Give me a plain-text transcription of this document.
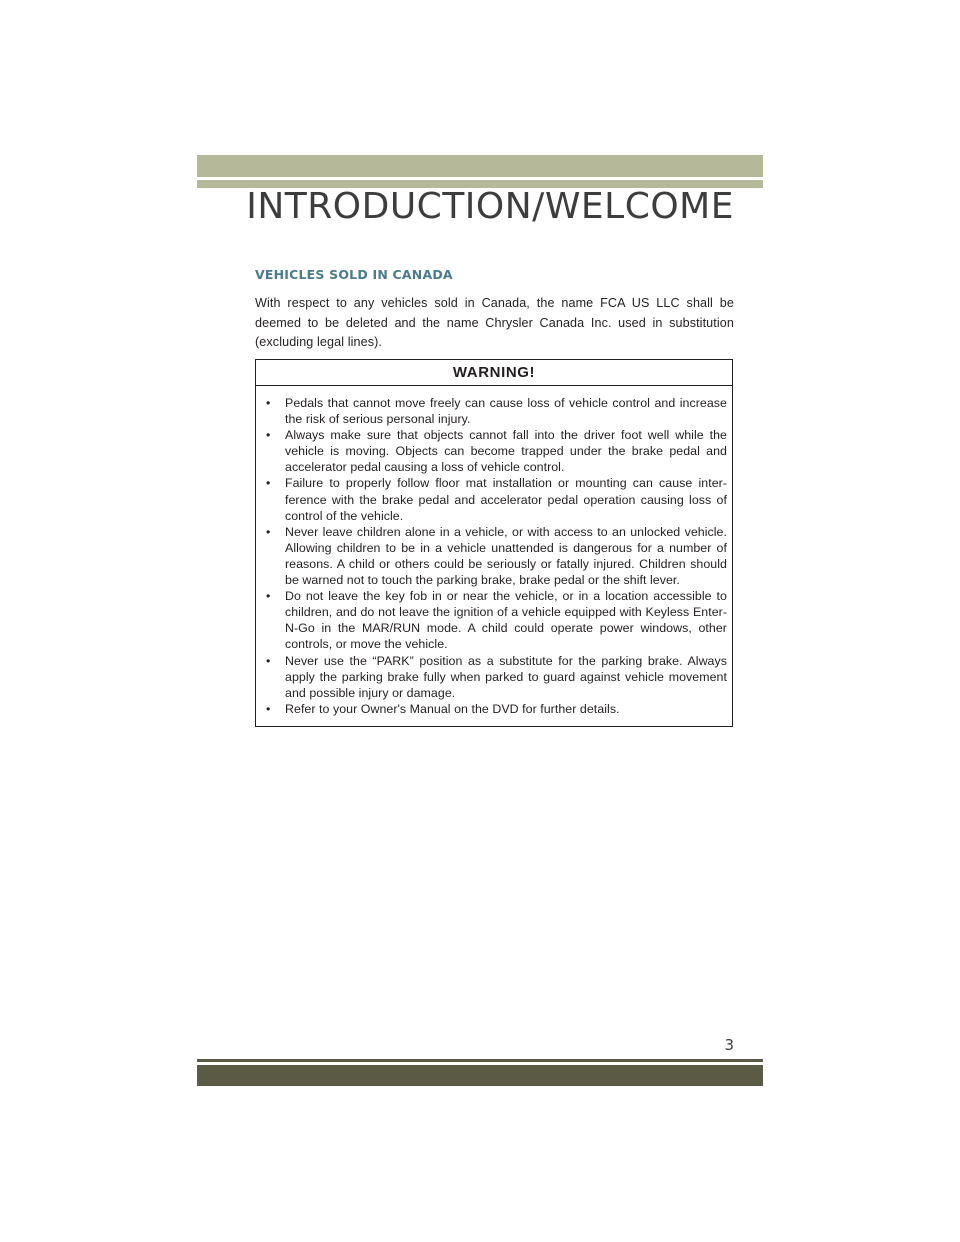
INTRODUCTION/WELCOME
VEHICLES SOLD IN CANADA

With respect to any vehicles sold in Canada, the name FCA US LLC shall be deemed to be deleted and the name Chrysler Canada Inc. used in substitution (excluding legal lines).

WARNING!
• Pedals that cannot move freely can cause loss of vehicle control and increase the risk of serious personal injury.
• Always make sure that objects cannot fall into the driver foot well while the vehicle is moving. Objects can become trapped under the brake pedal and accelerator pedal causing a loss of vehicle control.
• Failure to properly follow floor mat installation or mounting can cause inter-ference with the brake pedal and accelerator pedal operation causing loss of control of the vehicle.
• Never leave children alone in a vehicle, or with access to an unlocked vehicle. Allowing children to be in a vehicle unattended is dangerous for a number of reasons. A child or others could be seriously or fatally injured. Children should be warned not to touch the parking brake, brake pedal or the shift lever.
• Do not leave the key fob in or near the vehicle, or in a location accessible to children, and do not leave the ignition of a vehicle equipped with Keyless Enter-N-Go in the MAR/RUN mode. A child could operate power windows, other controls, or move the vehicle.
• Never use the “PARK” position as a substitute for the parking brake. Always apply the parking brake fully when parked to guard against vehicle movement and possible injury or damage.
• Refer to your Owner's Manual on the DVD for further details.

3
